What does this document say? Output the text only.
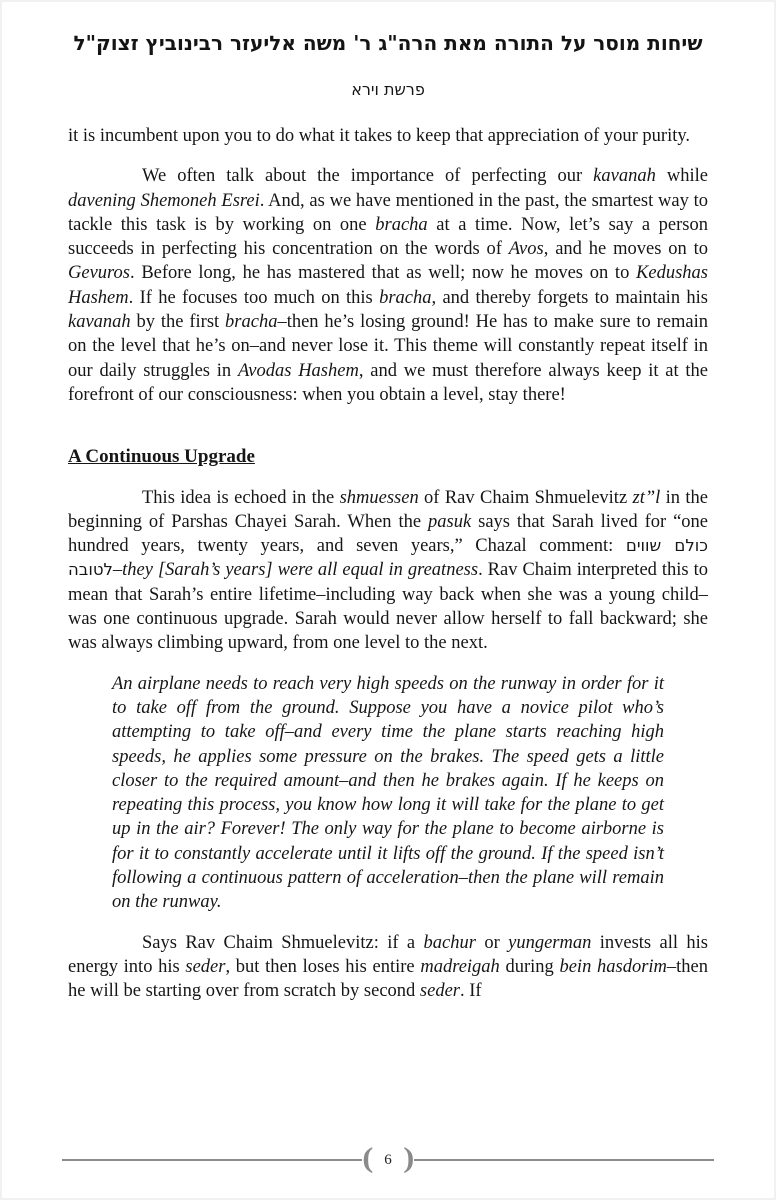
שיחות מוסר על התורה מאת הרה"ג ר' משה אליעזר רבינוביץ זצוק"ל
פרשת וירא

it is incumbent upon you to do what it takes to keep that appreciation of your purity.

We often talk about the importance of perfecting our kavanah while davening Shemoneh Esrei. And, as we have mentioned in the past, the smartest way to tackle this task is by working on one bracha at a time. Now, let’s say a person succeeds in perfecting his concentration on the words of Avos, and he moves on to Gevuros. Before long, he has mastered that as well; now he moves on to Kedushas Hashem. If he focuses too much on this bracha, and thereby forgets to maintain his kavanah by the first bracha–then he’s losing ground! He has to make sure to remain on the level that he’s on–and never lose it. This theme will constantly repeat itself in our daily struggles in Avodas Hashem, and we must therefore always keep it at the forefront of our consciousness: when you obtain a level, stay there!

A Continuous Upgrade

This idea is echoed in the shmuessen of Rav Chaim Shmuelevitz zt”l in the beginning of Parshas Chayei Sarah. When the pasuk says that Sarah lived for “one hundred years, twenty years, and seven years,” Chazal comment: כולם שווים לטובה–they [Sarah’s years] were all equal in greatness. Rav Chaim interpreted this to mean that Sarah’s entire lifetime–including way back when she was a young child–was one continuous upgrade. Sarah would never allow herself to fall backward; she was always climbing upward, from one level to the next.

An airplane needs to reach very high speeds on the runway in order for it to take off from the ground. Suppose you have a novice pilot who’s attempting to take off–and every time the plane starts reaching high speeds, he applies some pressure on the brakes. The speed gets a little closer to the required amount–and then he brakes again. If he keeps on repeating this process, you know how long it will take for the plane to get up in the air? Forever! The only way for the plane to become airborne is for it to constantly accelerate until it lifts off the ground. If the speed isn’t following a continuous pattern of acceleration–then the plane will remain on the runway.

Says Rav Chaim Shmuelevitz: if a bachur or yungerman invests all his energy into his seder, but then loses his entire madreigah during bein hasdorim–then he will be starting over from scratch by second seder. If

( 6 )
